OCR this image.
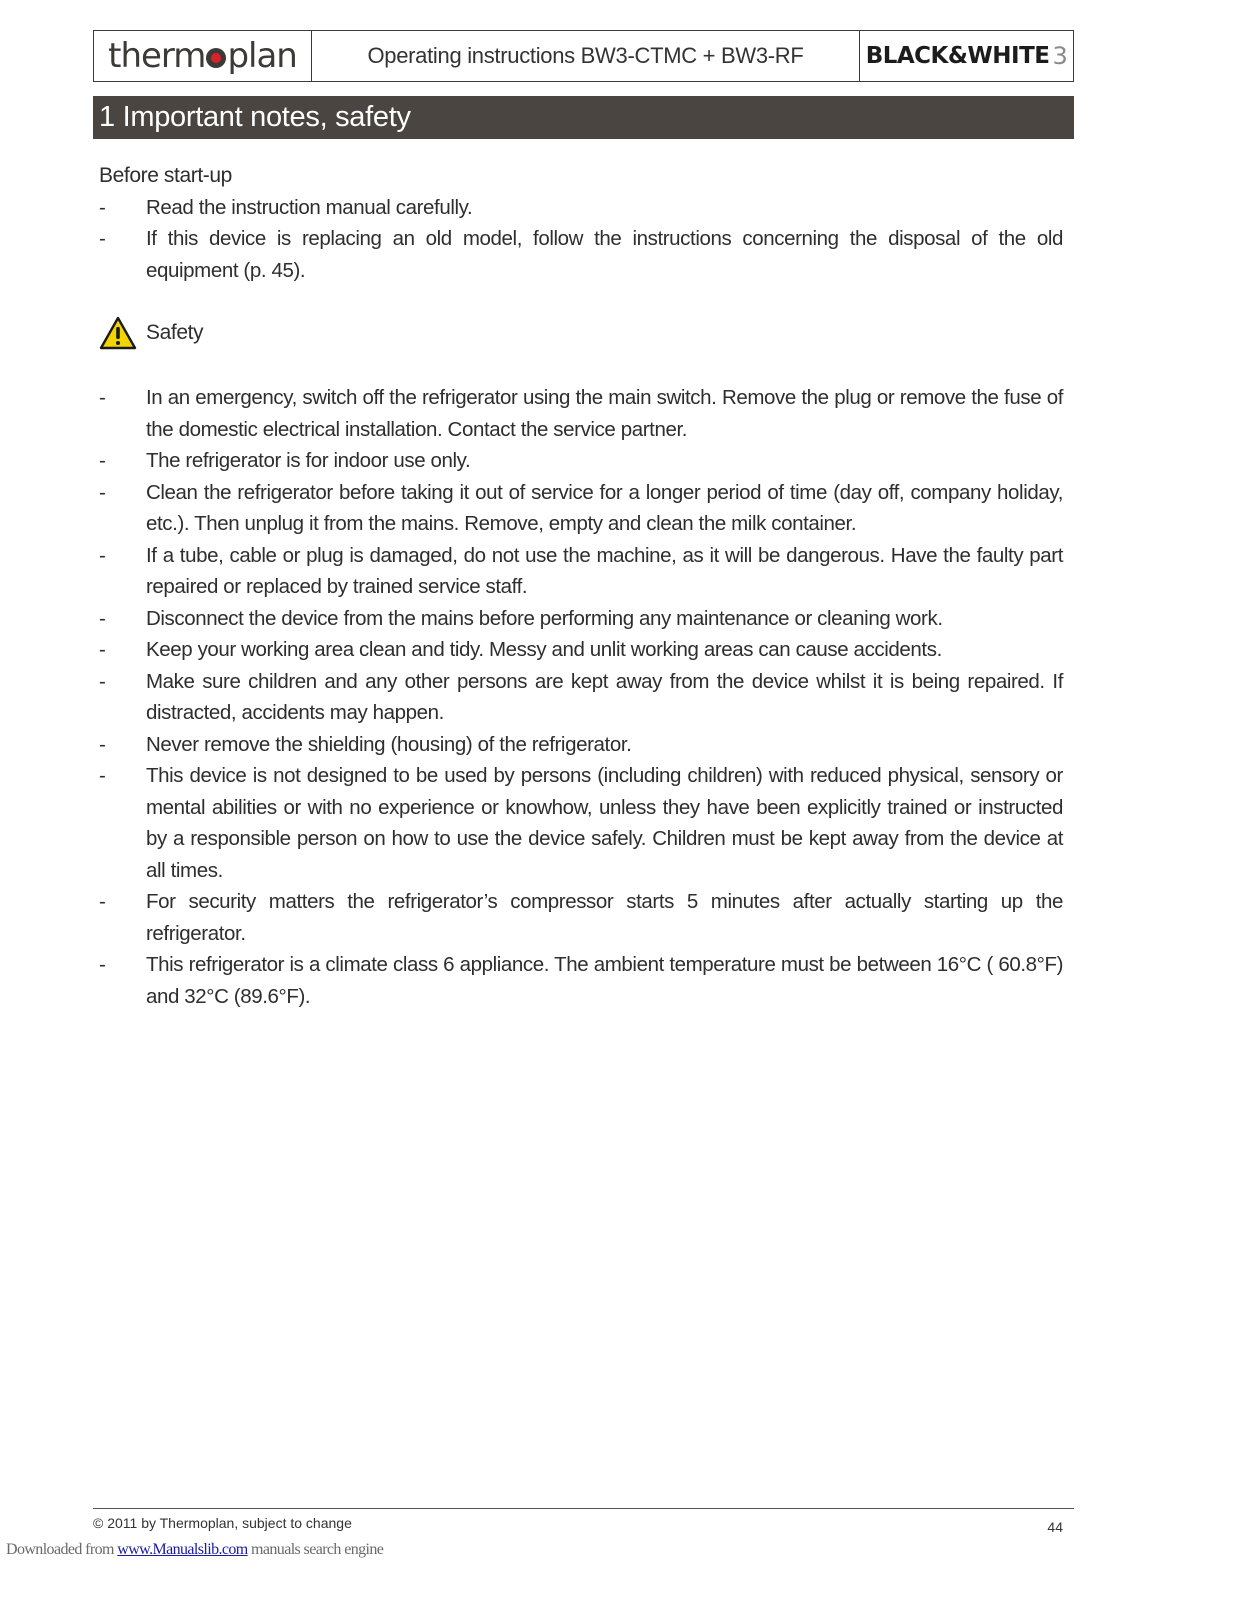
therm plan	Operating instructions BW3-CTMC + BW3-RF	BLACK&WHITE 3
1 Important notes, safety

Before start-up

- Read the instruction manual carefully.
- If this device is replacing an old model, follow the instructions concerning the disposal of the old equipment (p. 45).
Safety
- In an emergency, switch off the refrigerator using the main switch. Remove the plug or remove the fuse of the domestic electrical installation. Contact the service partner.
- The refrigerator is for indoor use only.
- Clean the refrigerator before taking it out of service for a longer period of time (day off, company holiday, etc.). Then unplug it from the mains. Remove, empty and clean the milk container.
- If a tube, cable or plug is damaged, do not use the machine, as it will be dangerous. Have the faulty part repaired or replaced by trained service staff.
- Disconnect the device from the mains before performing any maintenance or cleaning work.
- Keep your working area clean and tidy. Messy and unlit working areas can cause accidents.
- Make sure children and any other persons are kept away from the device whilst it is being repaired. If distracted, accidents may happen.
- Never remove the shielding (housing) of the refrigerator.
- This device is not designed to be used by persons (including children) with reduced physical, sensory or mental abilities or with no experience or knowhow, unless they have been explicitly trained or instructed by a responsible person on how to use the device safely. Children must be kept away from the device at all times.
- For security matters the refrigerator’s compressor starts 5 minutes after actually starting up the refrigerator.
- This refrigerator is a climate class 6 appliance. The ambient temperature must be between 16°C ( 60.8°F) and 32°C (89.6°F).
© 2011 by Thermoplan, subject to change	44
Downloaded from www.Manualslib.com manuals search engine
